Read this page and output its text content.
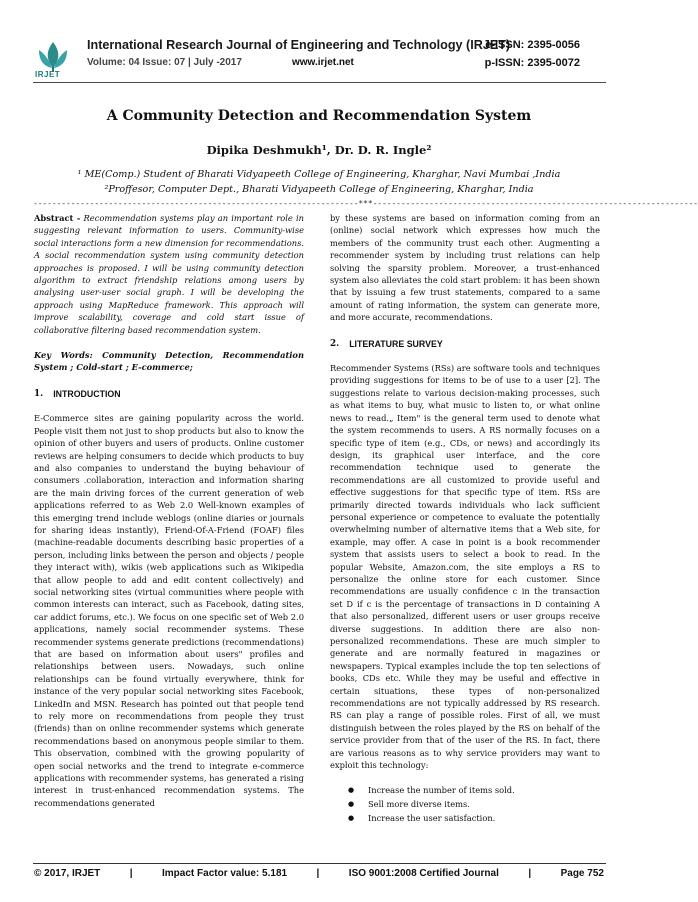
IRJET
International Research Journal of Engineering and Technology (IRJET)
e-ISSN: 2395-0056
Volume: 04 Issue: 07 | July -2017	www.irjet.net	p-ISSN: 2395-0072
A Community Detection and Recommendation System
Dipika Deshmukh¹, Dr. D. R. Ingle²
¹ ME(Comp.) Student of Bharati Vidyapeeth College of Engineering, Kharghar, Navi Mumbai ,India
²Proffesor, Computer Dept., Bharati Vidyapeeth College of Engineering, Kharghar, India
---------------------------------------------------------------------***---------------------------------------------------------------------

Abstract - Recommendation systems play an important role in suggesting relevant information to users. Community-wise social interactions form a new dimension for recommendations. A social recommendation system using community detection approaches is proposed. I will be using community detection algorithm to extract friendship relations among users by analysing user-user social graph. I will be developing the approach using MapReduce framework. This approach will improve scalability, coverage and cold start issue of collaborative filtering based recommendation system.

Key Words: Community Detection, Recommendation System ; Cold-start ; E-commerce;

1. INTRODUCTION

E-Commerce sites are gaining popularity across the world. People visit them not just to shop products but also to know the opinion of other buyers and users of products. Online customer reviews are helping consumers to decide which products to buy and also companies to understand the buying behaviour of consumers .collaboration, interaction and information sharing are the main driving forces of the current generation of web applications referred to as Web 2.0 Well-known examples of this emerging trend include weblogs (online diaries or journals for sharing ideas instantly), Friend-Of-A-Friend (FOAF) files (machine-readable documents describing basic properties of a person, including links between the person and objects / people they interact with), wikis (web applications such as Wikipedia that allow people to add and edit content collectively) and social networking sites (virtual communities where people with common interests can interact, such as Facebook, dating sites, car addict forums, etc.). We focus on one specific set of Web 2.0 applications, namely social recommender systems. These recommender systems generate predictions (recommendations) that are based on information about users" profiles and relationships between users. Nowadays, such online relationships can be found virtually everywhere, think for instance of the very popular social networking sites Facebook, LinkedIn and MSN. Research has pointed out that people tend to rely more on recommendations from people they trust (friends) than on online recommender systems which generate recommendations based on anonymous people similar to them. This observation, combined with the growing popularity of open social networks and the trend to integrate e-commerce applications with recommender systems, has generated a rising interest in trust-enhanced recommendation systems. The recommendations generated

by these systems are based on information coming from an (online) social network which expresses how much the members of the community trust each other. Augmenting a recommender system by including trust relations can help solving the sparsity problem. Moreover, a trust-enhanced system also alleviates the cold start problem: it has been shown that by issuing a few trust statements, compared to a same amount of rating information, the system can generate more, and more accurate, recommendations.

2. LITERATURE SURVEY

Recommender Systems (RSs) are software tools and techniques providing suggestions for items to be of use to a user [2]. The suggestions relate to various decision-making processes, such as what items to buy, what music to listen to, or what online news to read.„ Item" is the general term used to denote what the system recommends to users. A RS normally focuses on a specific type of item (e.g., CDs, or news) and accordingly its design, its graphical user interface, and the core recommendation technique used to generate the recommendations are all customized to provide useful and effective suggestions for that specific type of item. RSs are primarily directed towards individuals who lack sufficient personal experience or competence to evaluate the potentially overwhelming number of alternative items that a Web site, for example, may offer. A case in point is a book recommender system that assists users to select a book to read. In the popular Website, Amazon.com, the site employs a RS to personalize the online store for each customer. Since recommendations are usually confidence c in the transaction set D if c is the percentage of transactions in D containing A that also personalized, different users or user groups receive diverse suggestions. In addition there are also non-personalized recommendations. These are much simpler to generate and are normally featured in magazines or newspapers. Typical examples include the top ten selections of books, CDs etc. While they may be useful and effective in certain situations, these types of non-personalized recommendations are not typically addressed by RS research. RS can play a range of possible roles. First of all, we must distinguish between the roles played by the RS on behalf of the service provider from that of the user of the RS. In fact, there are various reasons as to why service providers may want to exploit this technology:

● Increase the number of items sold.
● Sell more diverse items.
● Increase the user satisfaction.
© 2017, IRJET	|	Impact Factor value: 5.181	|	ISO 9001:2008 Certified Journal	|	Page 752
